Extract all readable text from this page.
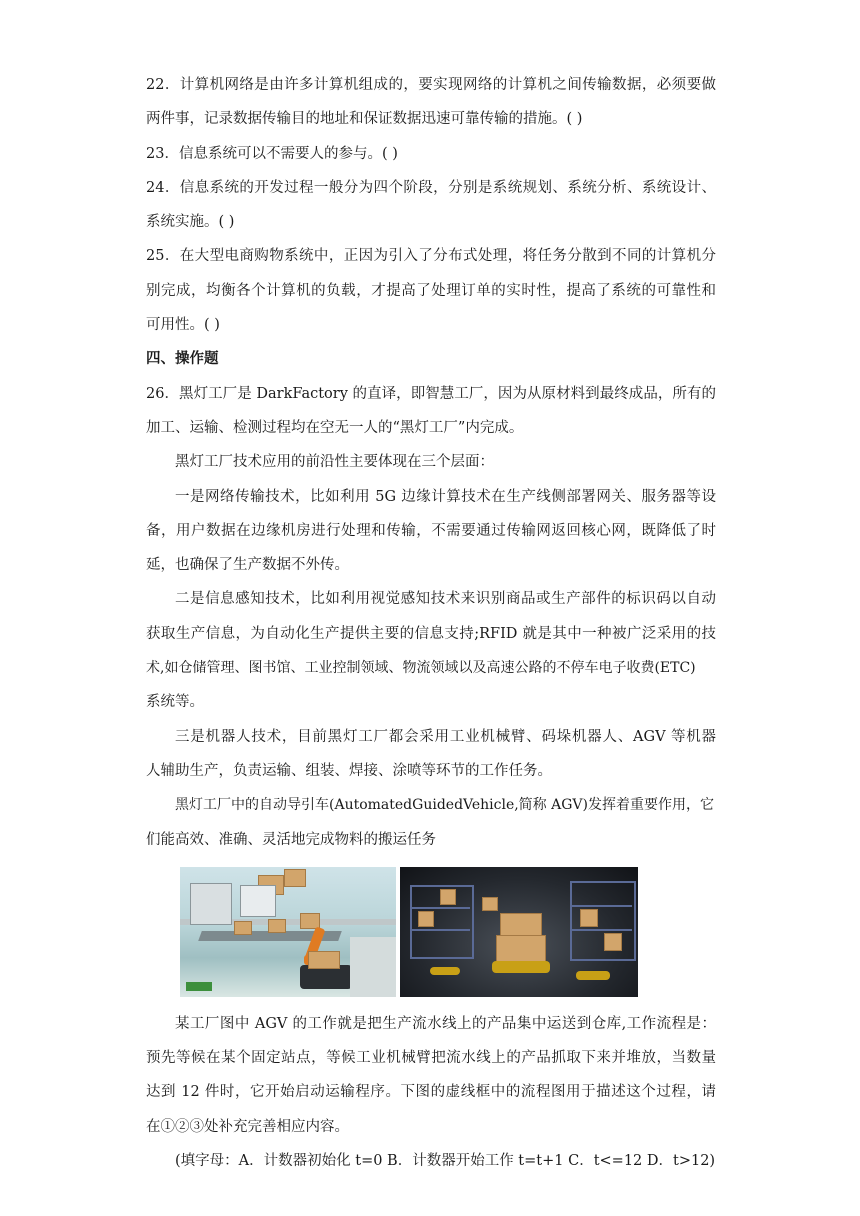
22．计算机网络是由许多计算机组成的，要实现网络的计算机之间传输数据，必须要做
两件事，记录数据传输目的地址和保证数据迅速可靠传输的措施。( )
23．信息系统可以不需要人的参与。( )
24．信息系统的开发过程一般分为四个阶段，分别是系统规划、系统分析、系统设计、
系统实施。( )
25．在大型电商购物系统中，正因为引入了分布式处理，将任务分散到不同的计算机分
别完成，均衡各个计算机的负载，才提高了处理订单的实时性，提高了系统的可靠性和
可用性。( )
四、操作题
26．黑灯工厂是 DarkFactory 的直译，即智慧工厂，因为从原材料到最终成品，所有的
加工、运输、检测过程均在空无一人的“黑灯工厂”内完成。
黑灯工厂技术应用的前沿性主要体现在三个层面：
一是网络传输技术，比如利用 5G 边缘计算技术在生产线侧部署网关、服务器等设
备，用户数据在边缘机房进行处理和传输，不需要通过传输网返回核心网，既降低了时
延，也确保了生产数据不外传。
二是信息感知技术，比如利用视觉感知技术来识别商品或生产部件的标识码以自动
获取生产信息，为自动化生产提供主要的信息支持;RFID 就是其中一种被广泛采用的技
术,如仓储管理、图书馆、工业控制领域、物流领域以及高速公路的不停车电子收费(ETC)
系统等。
三是机器人技术，目前黑灯工厂都会采用工业机械臂、码垛机器人、AGV 等机器
人辅助生产，负责运输、组装、焊接、涂喷等环节的工作任务。
黑灯工厂中的自动导引车(AutomatedGuidedVehicle,简称 AGV)发挥着重要作用，它
们能高效、准确、灵活地完成物料的搬运任务
某工厂图中 AGV 的工作就是把生产流水线上的产品集中运送到仓库,工作流程是：
预先等候在某个固定站点，等候工业机械臂把流水线上的产品抓取下来并堆放，当数量
达到 12 件时，它开始启动运输程序。下图的虚线框中的流程图用于描述这个过程，请
在①②③处补充完善相应内容。
(填字母：A．计数器初始化 t=0 B．计数器开始工作 t=t+1 C．t<=12 D．t>12)
